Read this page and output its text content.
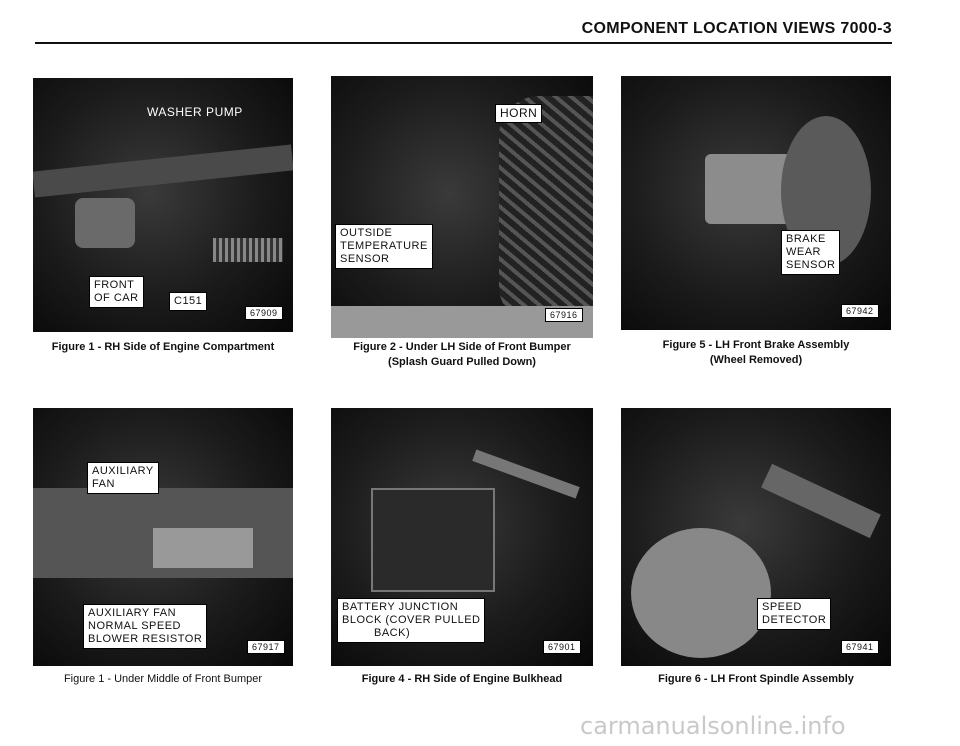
COMPONENT LOCATION VIEWS 7000-3
WASHER PUMP
FRONT
OF CAR	C151
67909
Figure 1 - RH Side of Engine Compartment
HORN
OUTSIDE
TEMPERATURE
SENSOR
67916
Figure 2 - Under LH Side of Front Bumper
(Splash Guard Pulled Down)
BRAKE
WEAR
SENSOR
67942
Figure 5 - LH Front Brake Assembly
(Wheel Removed)
AUXILIARY
FAN
AUXILIARY FAN
NORMAL SPEED
BLOWER RESISTOR
67917
Figure 1 - Under Middle of Front Bumper
BATTERY JUNCTION
BLOCK (COVER PULLED
BACK)
67901
Figure 4 - RH Side of Engine Bulkhead
SPEED
DETECTOR
67941
Figure 6 - LH Front Spindle Assembly
carmanualsonline.info
